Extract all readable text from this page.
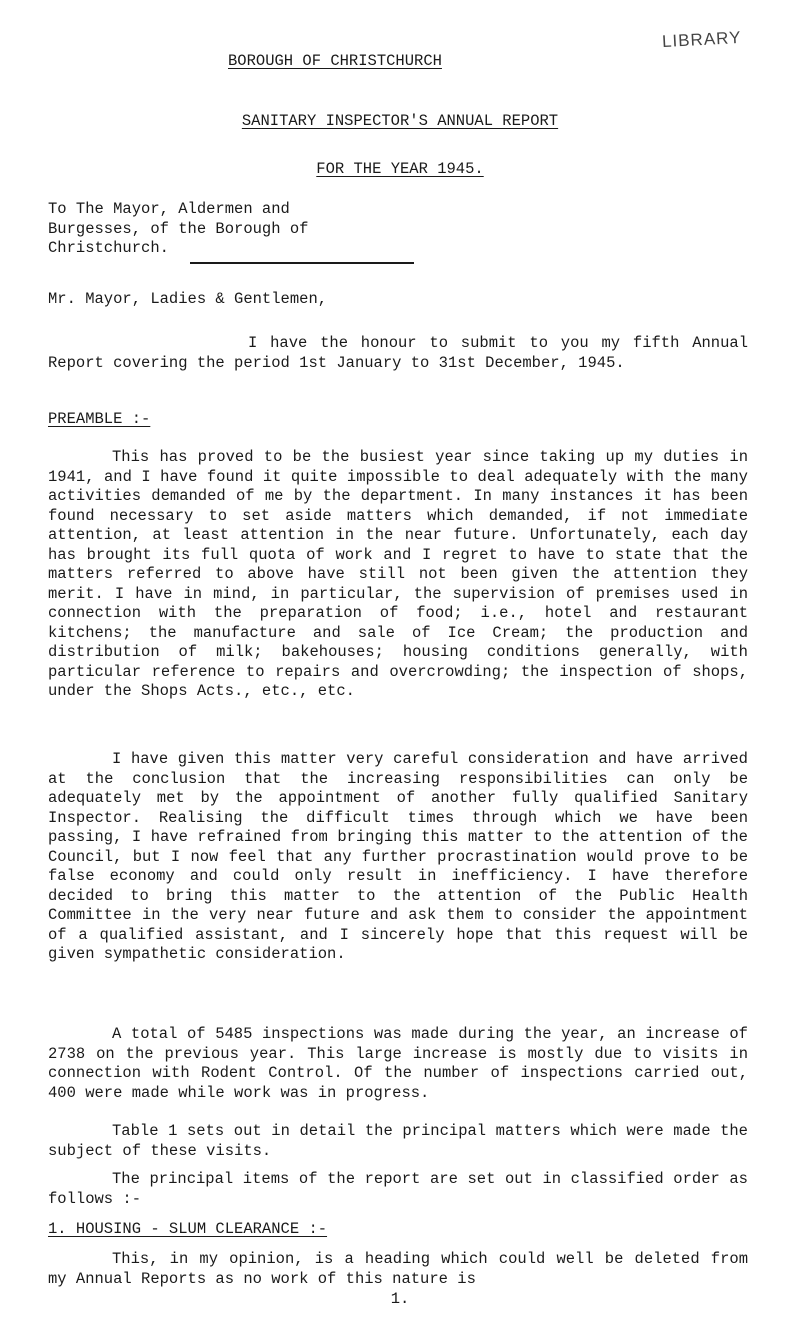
BOROUGH OF CHRISTCHURCH
LIBRARY
SANITARY INSPECTOR'S ANNUAL REPORT
FOR THE YEAR 1945.
To The Mayor, Aldermen and Burgesses, of the Borough of Christchurch.
Mr. Mayor, Ladies & Gentlemen,
I have the honour to submit to you my fifth Annual Report covering the period 1st January to 31st December, 1945.
PREAMBLE :-
This has proved to be the busiest year since taking up my duties in 1941, and I have found it quite impossible to deal adequately with the many activities demanded of me by the department. In many instances it has been found necessary to set aside matters which demanded, if not immediate attention, at least attention in the near future. Unfortunately, each day has brought its full quota of work and I regret to have to state that the matters referred to above have still not been given the attention they merit. I have in mind, in particular, the supervision of premises used in connection with the preparation of food; i.e., hotel and restaurant kitchens; the manufacture and sale of Ice Cream; the production and distribution of milk; bakehouses; housing conditions generally, with particular reference to repairs and overcrowding; the inspection of shops, under the Shops Acts., etc., etc.
I have given this matter very careful consideration and have arrived at the conclusion that the increasing responsibilities can only be adequately met by the appointment of another fully qualified Sanitary Inspector. Realising the difficult times through which we have been passing, I have refrained from bringing this matter to the attention of the Council, but I now feel that any further procrastination would prove to be false economy and could only result in inefficiency. I have therefore decided to bring this matter to the attention of the Public Health Committee in the very near future and ask them to consider the appointment of a qualified assistant, and I sincerely hope that this request will be given sympathetic consideration.
A total of 5485 inspections was made during the year, an increase of 2738 on the previous year. This large increase is mostly due to visits in connection with Rodent Control. Of the number of inspections carried out, 400 were made while work was in progress.
Table 1 sets out in detail the principal matters which were made the subject of these visits.
The principal items of the report are set out in classified order as follows :-
1. HOUSING - SLUM CLEARANCE :-
This, in my opinion, is a heading which could well be deleted from my Annual Reports as no work of this nature is
1.
